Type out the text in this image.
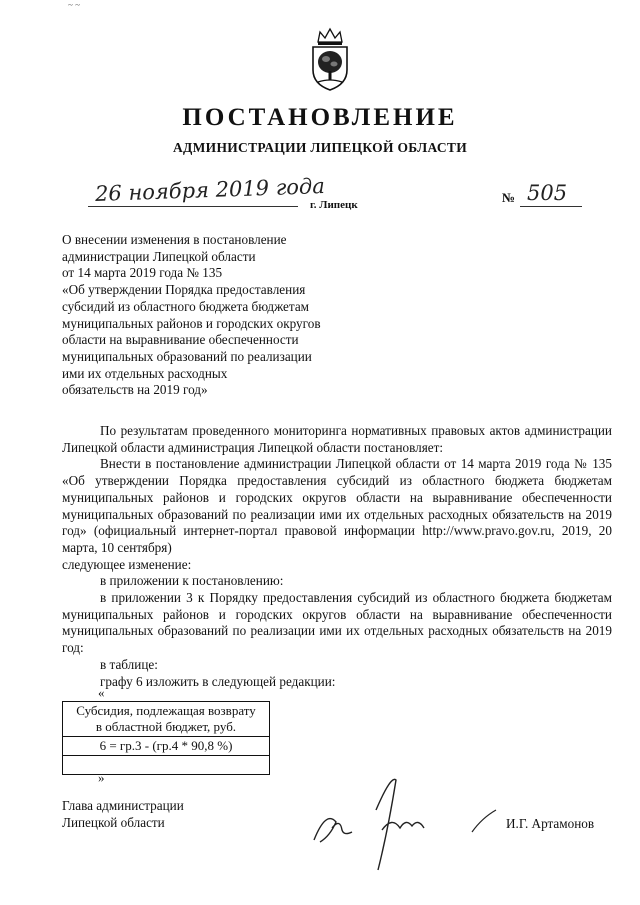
~ ~
ПОСТАНОВЛЕНИЕ
АДМИНИСТРАЦИИ ЛИПЕЦКОЙ ОБЛАСТИ
26 ноября 2019 года
г. Липецк	№ 505
О внесении изменения в постановление
администрации Липецкой области
от 14 марта 2019 года № 135
«Об утверждении Порядка предоставления
субсидий из областного бюджета бюджетам
муниципальных районов и городских округов
области на выравнивание обеспеченности
муниципальных образований по реализации
ими их отдельных расходных
обязательств на 2019 год»

По результатам проведенного мониторинга нормативных правовых актов администрации Липецкой области администрация Липецкой области постановляет:

Внести в постановление администрации Липецкой области от 14 марта 2019 года № 135 «Об утверждении Порядка предоставления субсидий из областного бюджета бюджетам муниципальных районов и городских округов области на выравнивание обеспеченности муниципальных образований по реализации ими их отдельных расходных обязательств на 2019 год» (официальный интернет-портал правовой информации http://www.pravo.gov.ru, 2019, 20 марта, 10 сентября)

следующее изменение:

в приложении к постановлению:

в приложении 3 к Порядку предоставления субсидий из областного бюджета бюджетам муниципальных районов и городских округов области на выравнивание обеспеченности муниципальных образований по реализации ими их отдельных расходных обязательств на 2019 год:

в таблице:

графу 6 изложить в следующей редакции:

«
Субсидия, подлежащая возврату
в областной бюджет, руб.

6 = гр.3 - (гр.4 * 90,8 %)

»
Глава администрации
Липецкой области	И.Г. Артамонов
